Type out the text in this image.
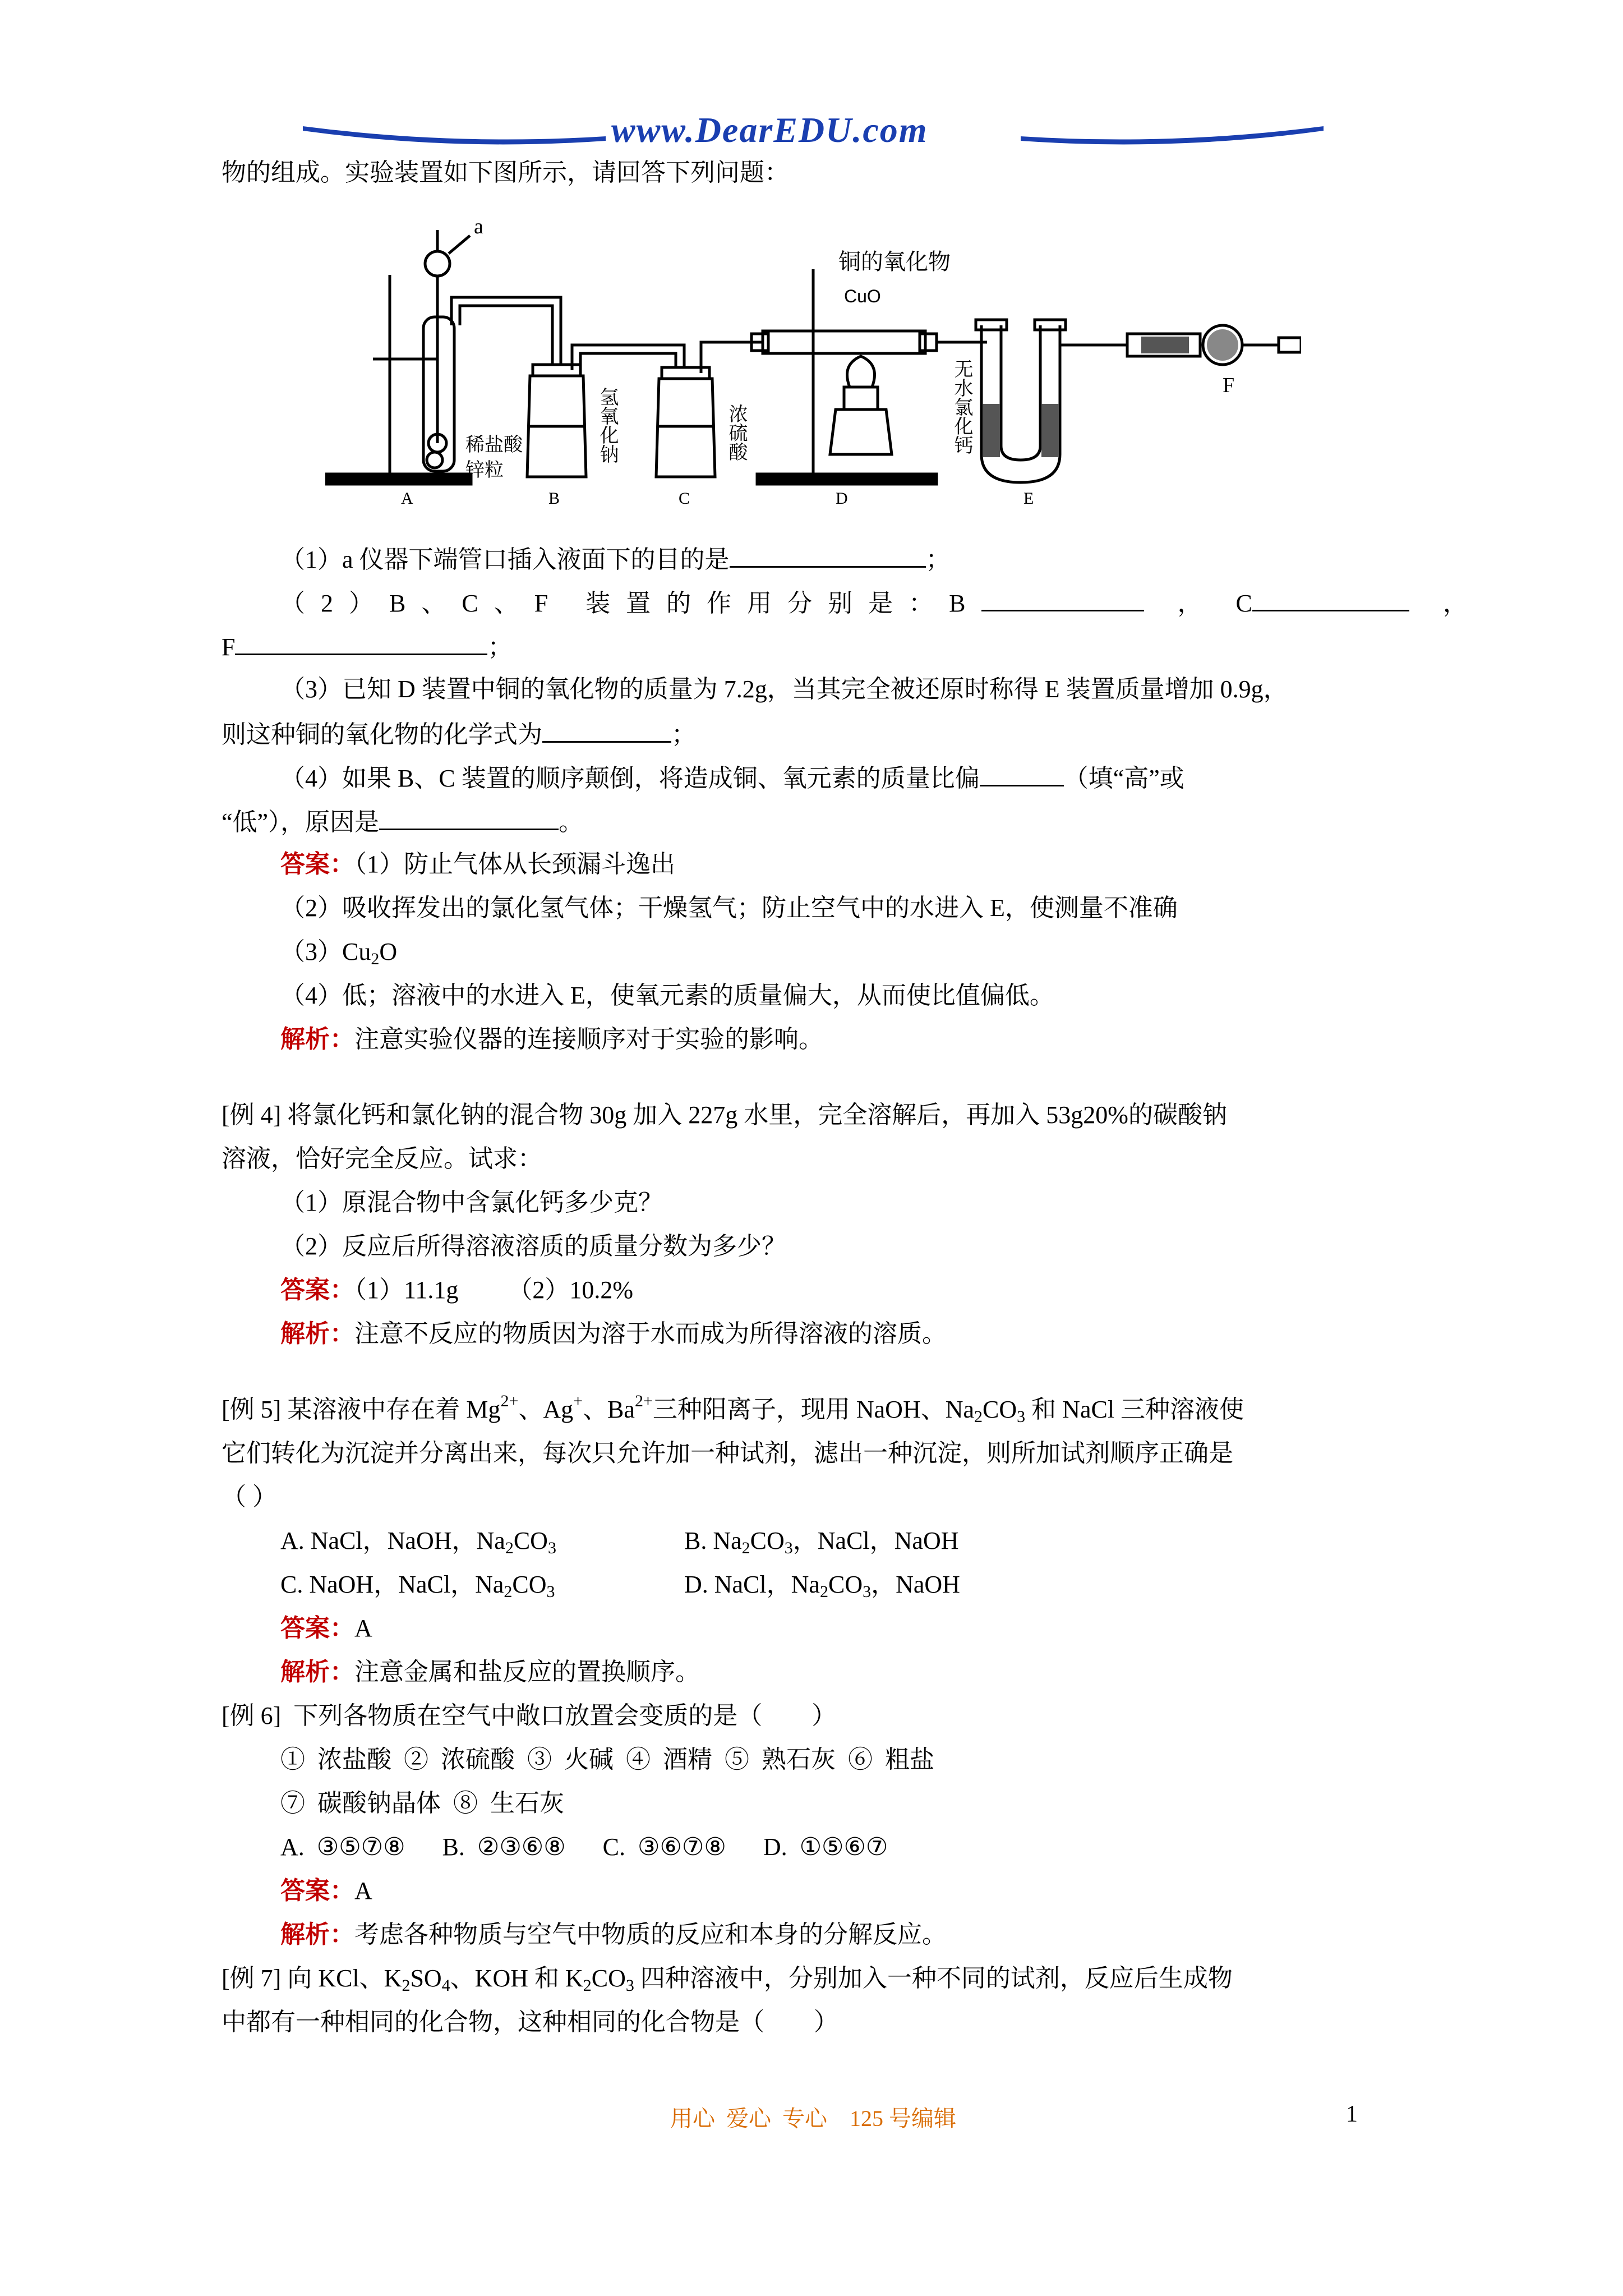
www.DearEDU.com
物的组成。实验装置如下图所示，请回答下列问题：
a
铜的氧化物
CuO
稀盐酸
锌粒
氢氧化钠	浓硫酸	无水氯化钙
A	B	C	D	E
F
（1）a 仪器下端管口插入液面下的目的是	；
（2）B、C、F 装置的作用分别是：B	， C	，
F	；
（3）已知 D 装置中铜的氧化物的质量为 7.2g，当其完全被还原时称得 E 装置质量增加 0.9g，
则这种铜的氧化物的化学式为	；
（4）如果 B、C 装置的顺序颠倒，将造成铜、氧元素的质量比偏	（填“高”或
“低”），原因是	。
答案：（1）防止气体从长颈漏斗逸出
（2）吸收挥发出的氯化氢气体；干燥氢气；防止空气中的水进入 E，使测量不准确
$(3)Cu_2O$
（4）低；溶液中的水进入 E，使氧元素的质量偏大，从而使比值偏低。
解析：注意实验仪器的连接顺序对于实验的影响。
[例 4] 将氯化钙和氯化钠的混合物 30g 加入 227g 水里，完全溶解后，再加入 53g20%的碳酸钠
溶液，恰好完全反应。试求：
（1）原混合物中含氯化钙多少克？
（2）反应后所得溶液溶质的质量分数为多少？
答案：（1）11.1g        （2）10.2%
解析：注意不反应的物质因为溶于水而成为所得溶液的溶质。
[例 5] 某溶液中存在着 $Mg^{2+}$、Ag+、$Ba^{2+}$三种阳离子，现用 NaOH、$Na_2CO_3$ 和 NaCl 三种溶液使
它们转化为沉淀并分离出来，每次只允许加一种试剂，滤出一种沉淀，则所加试剂顺序正确是
（ ）
A. NaCl，NaOH，$Na_2CO_3$	B. $Na_2CO_3$，NaCl，NaOH
C. NaOH，NaCl，$Na_2CO_3$	D. NaCl，$Na_2CO_3$，NaOH
答案：A
解析：注意金属和盐反应的置换顺序。
[例 6]  下列各物质在空气中敞口放置会变质的是（        ）
①  浓盐酸  ②  浓硫酸  ③  火碱  ④  酒精  ⑤  熟石灰  ⑥  粗盐
⑦  碳酸钠晶体  ⑧  生石灰
A.  ③⑤⑦⑧      B.  ②③⑥⑧      C.  ③⑥⑦⑧      D.  ①⑤⑥⑦
答案：A
解析：考虑各种物质与空气中物质的反应和本身的分解反应。
[例 7] 向 KCl、$K_2SO_4$、KOH 和 $K_2CO_3$ 四种溶液中，分别加入一种不同的试剂，反应后生成物
中都有一种相同的化合物，这种相同的化合物是（        ）
用心  爱心  专心    125 号编辑	1
